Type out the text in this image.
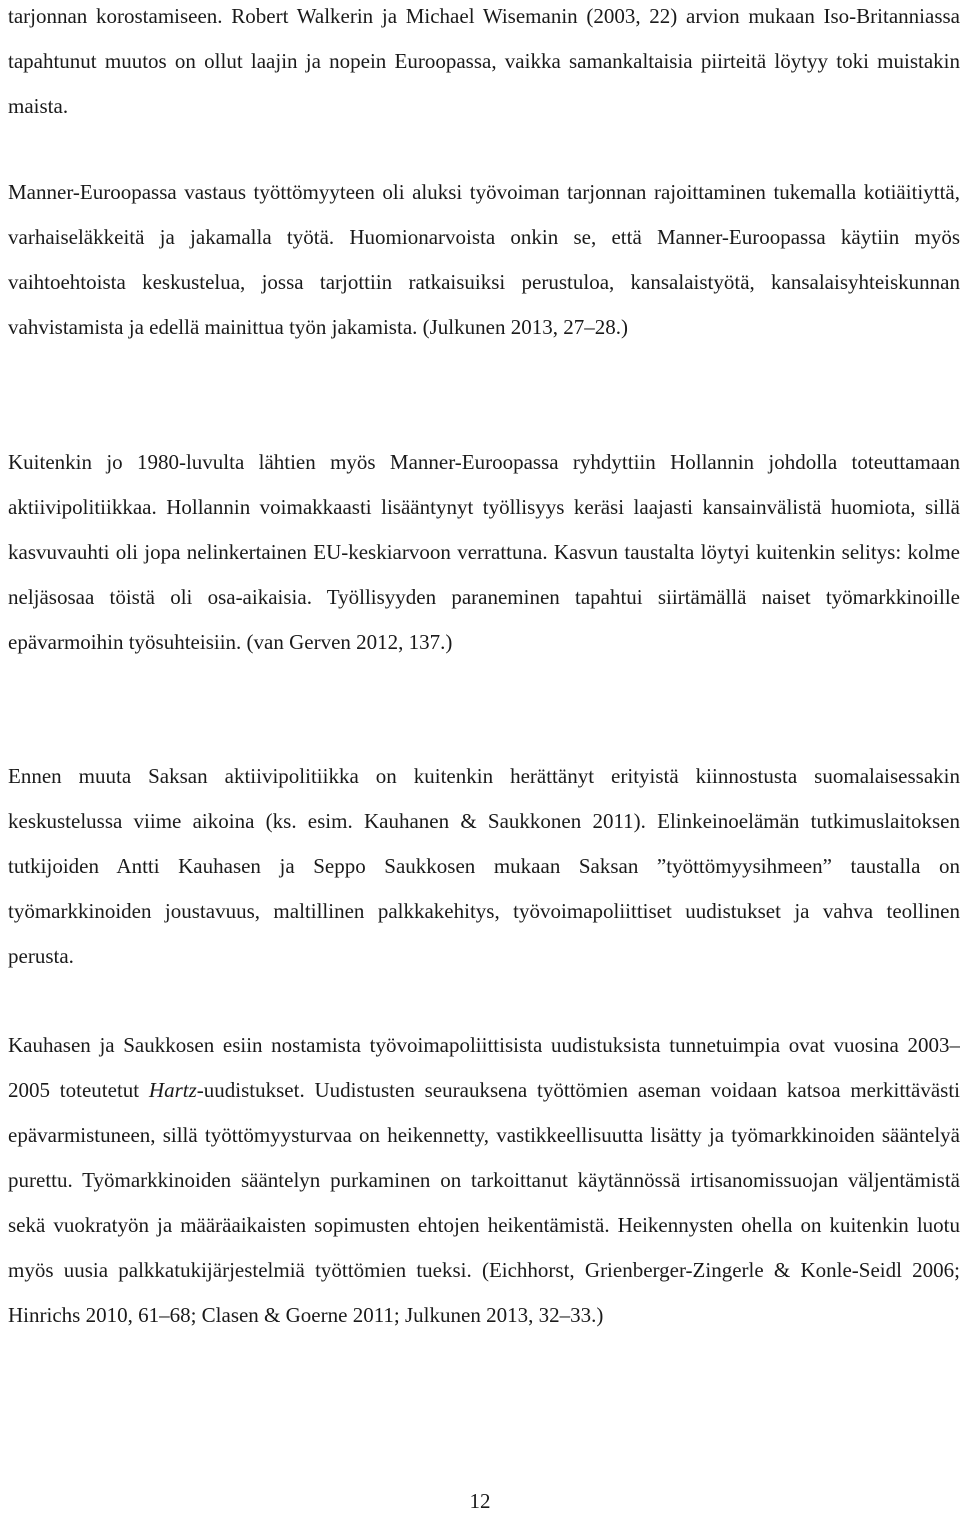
tarjonnan korostamiseen. Robert Walkerin ja Michael Wisemanin (2003, 22) arvion mukaan Iso-Britanniassa tapahtunut muutos on ollut laajin ja nopein Euroopassa, vaikka samankaltaisia piirteitä löytyy toki muistakin maista.

Manner-Euroopassa vastaus työttömyyteen oli aluksi työvoiman tarjonnan rajoittaminen tukemalla kotiäitiyttä, varhaiseläkkeitä ja jakamalla työtä. Huomionarvoista onkin se, että Manner-Euroopassa käytiin myös vaihtoehtoista keskustelua, jossa tarjottiin ratkaisuiksi perustuloa, kansalaistyötä, kansalaisyhteiskunnan vahvistamista ja edellä mainittua työn jakamista. (Julkunen 2013, 27–28.)

Kuitenkin jo 1980-luvulta lähtien myös Manner-Euroopassa ryhdyttiin Hollannin johdolla toteuttamaan aktiivipolitiikkaa. Hollannin voimakkaasti lisääntynyt työllisyys keräsi laajasti kansainvälistä huomiota, sillä kasvuvauhti oli jopa nelinkertainen EU-keskiarvoon verrattuna. Kasvun taustalta löytyi kuitenkin selitys: kolme neljäsosaa töistä oli osa-aikaisia. Työllisyyden paraneminen tapahtui siirtämällä naiset työmarkkinoille epävarmoihin työsuhteisiin. (van Gerven 2012, 137.)

Ennen muuta Saksan aktiivipolitiikka on kuitenkin herättänyt erityistä kiinnostusta suomalaisessakin keskustelussa viime aikoina (ks. esim. Kauhanen & Saukkonen 2011). Elinkeinoelämän tutkimuslaitoksen tutkijoiden Antti Kauhasen ja Seppo Saukkosen mukaan Saksan ”työttömyysihmeen” taustalla on työmarkkinoiden joustavuus, maltillinen palkkakehitys, työvoimapoliittiset uudistukset ja vahva teollinen perusta.

Kauhasen ja Saukkosen esiin nostamista työvoimapoliittisista uudistuksista tunnetuimpia ovat vuosina 2003–2005 toteutetut Hartz-uudistukset. Uudistusten seurauksena työttömien aseman voidaan katsoa merkittävästi epävarmistuneen, sillä työttömyysturvaa on heikennetty, vastikkeellisuutta lisätty ja työmarkkinoiden sääntelyä purettu. Työmarkkinoiden sääntelyn purkaminen on tarkoittanut käytännössä irtisanomissuojan väljentämistä sekä vuokratyön ja määräaikaisten sopimusten ehtojen heikentämistä. Heikennysten ohella on kuitenkin luotu myös uusia palkkatukijärjestelmiä työttömien tueksi. (Eichhorst, Grienberger-Zingerle & Konle-Seidl 2006; Hinrichs 2010, 61–68; Clasen & Goerne 2011; Julkunen 2013, 32–33.)

12
